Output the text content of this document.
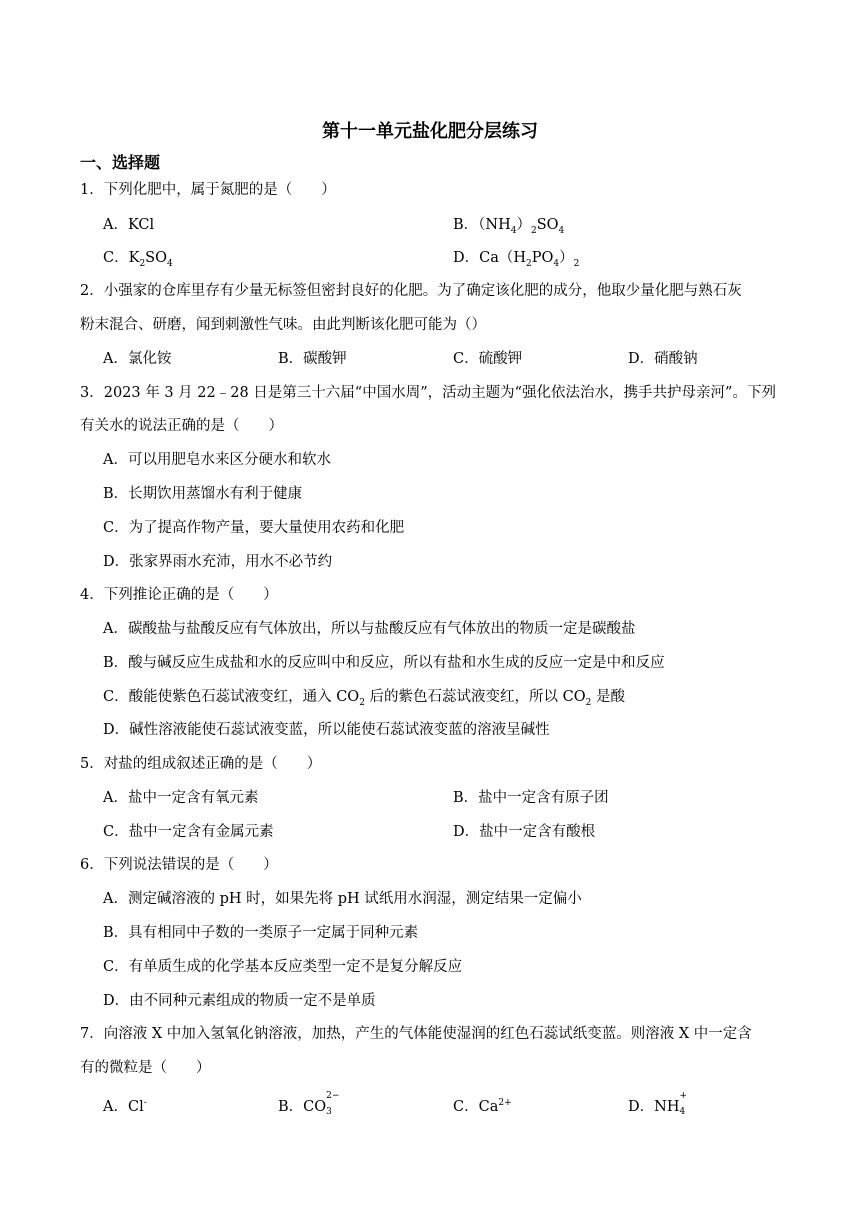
第十一单元盐化肥分层练习
一、选择题
1．下列化肥中，属于氮肥的是（　　）
A．KCl	B．$(NH_4)_2SO_4$
C．$K_2SO_4$	D．$Ca(H_2PO_4)_2$
2．小强家的仓库里存有少量无标签但密封良好的化肥。为了确定该化肥的成分，他取少量化肥与熟石灰
粉末混合、研磨，闻到刺激性气味。由此判断该化肥可能为（）
A．氯化铵	B．碳酸钾	C．硫酸钾	D．硝酸钠
3．2023 年 3 月 22﹣28 日是第三十六届“中国水周”，活动主题为“强化依法治水，携手共护母亲河”。下列
有关水的说法正确的是（　　）
A．可以用肥皂水来区分硬水和软水
B．长期饮用蒸馏水有利于健康
C．为了提高作物产量，要大量使用农药和化肥
D．张家界雨水充沛，用水不必节约
4．下列推论正确的是（　　）
A．碳酸盐与盐酸反应有气体放出，所以与盐酸反应有气体放出的物质一定是碳酸盐
B．酸与碱反应生成盐和水的反应叫中和反应，所以有盐和水生成的反应一定是中和反应
C．酸能使紫色石蕊试液变红，通入 $CO_2$ 后的紫色石蕊试液变红，所以 $CO_2$ 是酸
D．碱性溶液能使石蕊试液变蓝，所以能使石蕊试液变蓝的溶液呈碱性
5．对盐的组成叙述正确的是（　　）
A．盐中一定含有氧元素	B．盐中一定含有原子团
C．盐中一定含有金属元素	D．盐中一定含有酸根
6．下列说法错误的是（　　）
A．测定碱溶液的 pH 时，如果先将 pH 试纸用水润湿，测定结果一定偏小
B．具有相同中子数的一类原子一定属于同种元素
C．有单质生成的化学基本反应类型一定不是复分解反应
D．由不同种元素组成的物质一定不是单质
7．向溶液 X 中加入氢氧化钠溶液，加热，产生的气体能使湿润的红色石蕊试纸变蓝。则溶液 X 中一定含
有的微粒是（　　）
A．Cl-	B．CO
2−
3	C．$Ca^{2+}$	D．NH
+
4
